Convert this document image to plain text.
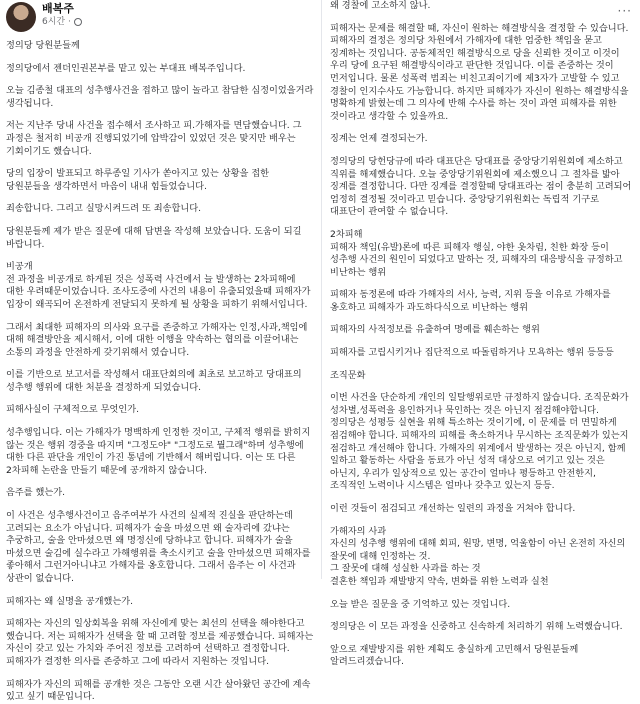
배복주
6시간 ·

정의당 당원분들께

정의당에서 젠더인권본부를 맡고 있는 부대표 배복주입니다.

오늘 김종철 대표의 성추행사건을 접하고 많이 놀라고 참담한 심정이었을거라 생각됩니다.

저는 지난주 당내 사건을 접수해서 조사하고 피.가해자를 면담했습니다. 그 과정은 철저히 비공개 진행되었기에 압박감이 있었던 것은 맞지만 배우는 기회이기도 했습니다.

당의 입장이 발표되고 하루종일 기사가 쏟아지고 있는 상황을 접한 당원분들을 생각하면서 마음이 내내 힘들었습니다.

죄송합니다. 그리고 실망시켜드려 또 죄송합니다.

당원분들께 제가 받은 질문에 대해 답변을 작성해 보았습니다. 도움이 되길 바랍니다.

비공개
전 과정을 비공개로 하게된 것은 성폭력 사건에서 늘 발생하는 2차피해에 대한 우려때문이었습니다. 조사도중에 사건의 내용이 유출되었을때 피해자가 입장이 왜곡되어 온전하게 전달되지 못하게 될 상황을 피하기 위해서입니다.

그래서 최대한 피해자의 의사와 요구를 존중하고 가해자는 인정,사과,책임에 대해 해결방안을 제시해서, 이에 대한 이행을 약속하는 협의를 이끌어내는 소통의 과정을 안전하게 갖기위해서 였습니다.

이를 기반으로 보고서를 작성해서 대표단회의에 최초로 보고하고 당대표의 성추행 행위에 대한 처분을 결정하게 되었습니다.

피해사실이 구체적으로 무엇인가.

성추행입니다. 이는 가해자가 명백하게 인정한 것이고, 구체적 행위를 밝히지 않는 것은 행위 경중을 따지며 "그정도야" "그정도로 뭘그래"하며 성추행에 대한 다른 판단을 개인이 가진 통념에 기반해서 해버립니다. 이는 또 다른 2차피해 논란을 만들기 때문에 공개하지 않습니다.

음주를 했는가.

이 사건은 성추행사건이고 음주여부가 사건의 실제적 진실을 판단하는데 고려되는 요소가 아닙니다. 피해자가 술을 마셨으면 왜 술자리에 갔냐는 추궁하고, 술을 안마셨으면 왜 명정신에 당하냐고 합니다. 피해자가 술을 마셨으면 술김에 실수라고 가해행위를 축소시키고 술을 안마셨으면 피해자를 좋아해서 그런거아니냐고 가해자를 옹호합니다. 그래서 음주는 이 사건과 상관이 없습니다.

피해자는 왜 실명을 공개했는가.

피해자는 자신의 일상회복을 위해 자신에게 맞는 최선의 선택을 해야한다고 했습니다. 저는 피해자가 선택을 할 때 고려할 정보를 제공했습니다. 피해자는 자신이 갖고 있는 가치와 주어진 정보를 고려하여 선택하고 결정합니다. 피해자가 결정한 의사를 존중하고 그에 따라서 지원하는 것입니다.

피해자가 자신의 피해를 공개한 것은 그동안 오랜 시간 살아왔던 공간에 계속 있고 싶기 때문입니다.

···

왜 경찰에 고소하지 않나.

피해자는 문제를 해결할 때, 자신이 원하는 해결방식을 결정할 수 있습니다. 피해자의 결정은 정의당 차원에서 가해자에 대한 엄중한 책임을 묻고 징계하는 것입니다. 공동체적인 해결방식으로 당을 신뢰한 것이고 이것이 우리 당에 요구된 해결방식이라고 판단한 것입니다. 이를 존중하는 것이 먼저입니다. 물론 성폭력 범죄는 비친고죄이기에 제3자가 고발할 수 있고 경찰이 인지수사도 가능합니다. 하지만 피해자가 자신이 원하는 해결방식을 명확하게 밝혔는데 그 의사에 반해 수사를 하는 것이 과연 피해자를 위한 것이라고 생각할 수 있을까요.

징계는 언제 결정되는가.

정의당의 당헌당규에 따라 대표단은 당대표를 중앙당기위원회에 제소하고 직위를 해제했습니다. 오늘 중앙당기위원회에 제소했으니 그 절차를 밟아 징계를 결정합니다. 다만 징계를 결정할때 당대표라는 점이 충분히 고려되어 엄정히 결정될 것이라고 믿습니다. 중앙당기위원회는 독립적 기구로 대표단이 관여할 수 없습니다.

2차피해
피해자 책임(유발)론에 따른 피해자 행실, 야한 옷차림, 친한 화장 등이 성추행 사건의 원인이 되었다고 말하는 것, 피해자의 대응방식을 규정하고 비난하는 행위

피해자 동정론에 따라 가해자의 서사, 능력, 지위 등을 이유로 가해자를 옹호하고 피해자가 과도하다식으로 비난하는 행위

피해자의 사적정보를 유출하여 명예를 훼손하는 행위

피해자를 고립시키거나 집단적으로 따돌림하거나 모욕하는 행위 등등등

조직문화

이번 사건을 단순하게 개인의 일탈행위로만 규정하지 않습니다. 조직문화가 성차별,성폭력을 용인하거나 묵인하는 것은 아닌지 점검해야합니다. 정의당은 성평등 실현을 위해 특소하는 것이기에, 이 문제를 더 면밀하게 점검해야 합니다. 피해자의 피해를 축소하거나 무시하는 조직문화가 있는지 점검하고 개선해야 합니다. 가해자의 위계에서 발생하는 것은 아닌지, 함께 일하고 활동하는 사람을 동료가 아닌 성적 대상으로 여기고 있는 것은 아닌지, 우리가 일상적으로 있는 공간이 얼마나 평등하고 안전한지, 조직적인 노력이나 시스템은 얼마나 갖추고 있는지 등등.

이런 것들이 점검되고 개선하는 일련의 과정을 거쳐야 합니다.

가해자의 사과
자신의 성추행 행위에 대해 회피, 원망, 변명, 억울함이 아닌 온전히 자신의 잘못에 대해 인정하는 것.
그 잘못에 대해 성실한 사과를 하는 것
결혼한 책임과 재발방지 약속, 변화를 위한 노력과 실천

오늘 받은 질문을 중 기억하고 있는 것입니다.

정의당은 이 모든 과정을 신중하고 신속하게 처리하기 위해 노력했습니다.

앞으로 재발방지를 위한 계획도 충실하게 고민해서 당원분들께 알려드리겠습니다.
